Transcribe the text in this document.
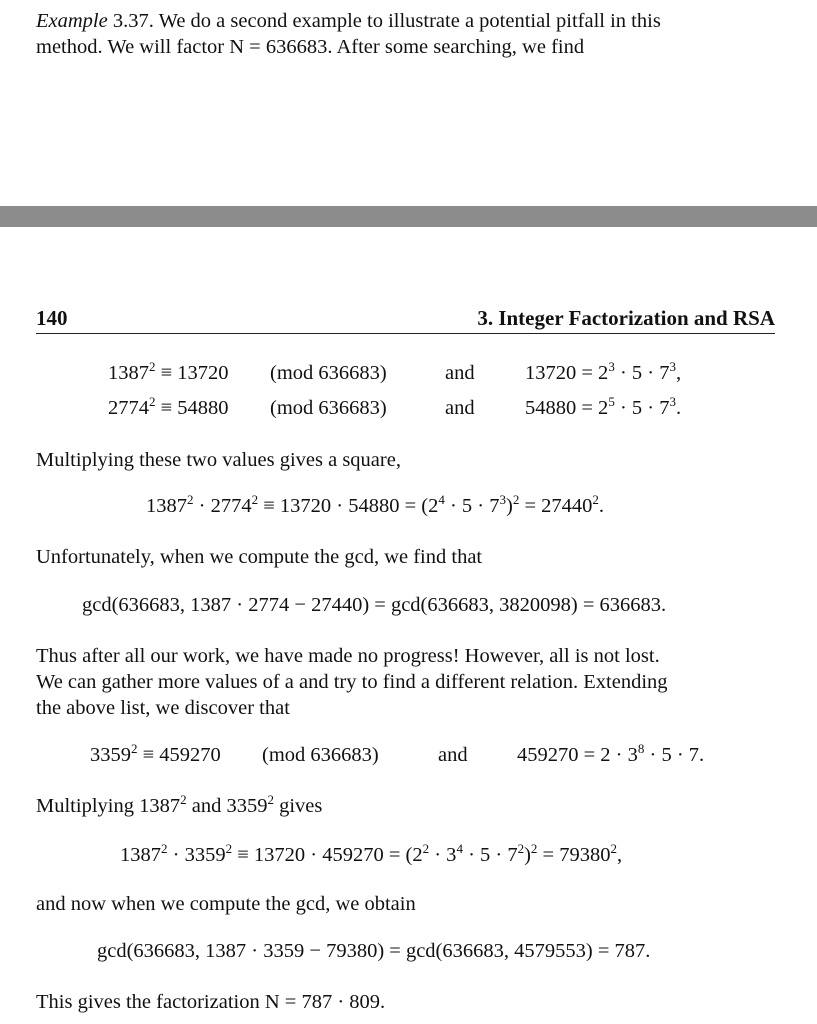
Example 3.37. We do a second example to illustrate a potential pitfall in this
method. We will factor N = 636683. After some searching, we find
140	3. Integer Factorization and RSA
$1387^2 \equiv 13720$ (mod 636683)	and $13720 = 2^3 \cdot 5 \cdot 7^3$,
$2774^2 \equiv 54880$ (mod 636683)	and $54880 = 2^5 \cdot 5 \cdot 7^3$.
Multiplying these two values gives a square,
$1387^2 \cdot 2774^2 \equiv 13720 \cdot 54880 = (2^4 \cdot 5 \cdot 7^3)^2 = 27440^2$.
Unfortunately, when we compute the gcd, we find that
gcd(636683, 1387 · 2774 − 27440) = gcd(636683, 3820098) = 636683.
Thus after all our work, we have made no progress! However, all is not lost.
We can gather more values of a and try to find a different relation. Extending
the above list, we discover that
$3359^2 \equiv 459270$ (mod 636683)	and $459270 = 2 \cdot 3^8 \cdot 5 \cdot 7$.
Multiplying 1387$^2$ and 3359$^2$ gives
$1387^2 \cdot 3359^2 \equiv 13720 \cdot 459270 = (2^2 \cdot 3^4 \cdot 5 \cdot 7^2)^2 = 79380^2$,
and now when we compute the gcd, we obtain
gcd(636683, 1387 · 3359 − 79380) = gcd(636683, 4579553) = 787.
This gives the factorization N = 787 · 809.
